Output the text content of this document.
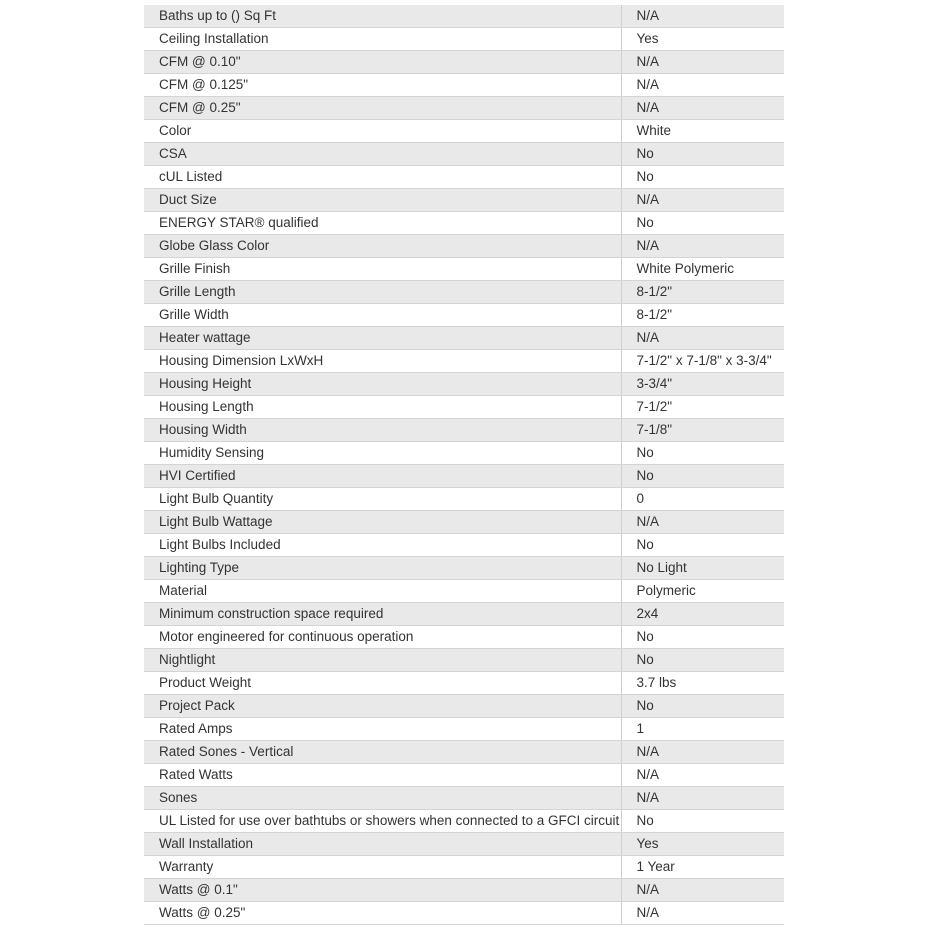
Baths up to () Sq Ft	N/A
Ceiling Installation	Yes
CFM @ 0.10"	N/A
CFM @ 0.125"	N/A
CFM @ 0.25"	N/A
Color	White
CSA	No
cUL Listed	No
Duct Size	N/A
ENERGY STAR® qualified	No
Globe Glass Color	N/A
Grille Finish	White Polymeric
Grille Length	8-1/2"
Grille Width	8-1/2"
Heater wattage	N/A
Housing Dimension LxWxH	7-1/2" x 7-1/8" x 3-3/4"
Housing Height	3-3/4"
Housing Length	7-1/2"
Housing Width	7-1/8"
Humidity Sensing	No
HVI Certified	No
Light Bulb Quantity	0
Light Bulb Wattage	N/A
Light Bulbs Included	No
Lighting Type	No Light
Material	Polymeric
Minimum construction space required	2x4
Motor engineered for continuous operation	No
Nightlight	No
Product Weight	3.7 lbs
Project Pack	No
Rated Amps	1
Rated Sones - Vertical	N/A
Rated Watts	N/A
Sones	N/A
UL Listed for use over bathtubs or showers when connected to a GFCI circuit	No
Wall Installation	Yes
Warranty	1 Year
Watts @ 0.1"	N/A
Watts @ 0.25"	N/A
